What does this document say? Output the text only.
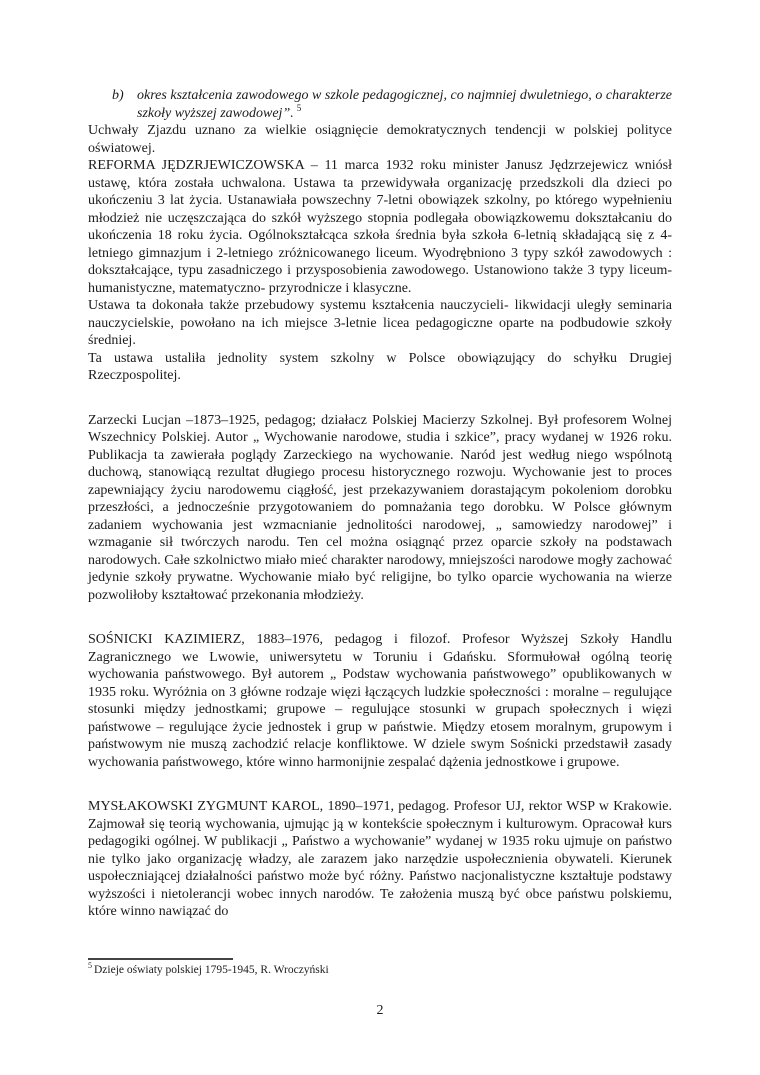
b) okres kształcenia zawodowego w szkole pedagogicznej, co najmniej dwuletniego, o charakterze szkoły wyższej zawodowej”. $^5$

Uchwały Zjazdu uznano za wielkie osiągnięcie demokratycznych tendencji w polskiej polityce oświatowej.

REFORMA JĘDZRJEWICZOWSKA – 11 marca 1932 roku minister Janusz Jędzrzejewicz wniósł ustawę, która została uchwalona. Ustawa ta przewidywała organizację przedszkoli dla dzieci po ukończeniu 3 lat życia. Ustanawiała powszechny 7-letni obowiązek szkolny, po którego wypełnieniu młodzież nie uczęszczająca do szkół wyższego stopnia podlegała obowiązkowemu dokształcaniu do ukończenia 18 roku życia. Ogólnokształcąca szkoła średnia była szkoła 6-letnią składającą się z 4-letniego gimnazjum i 2-letniego zróżnicowanego liceum. Wyodrębniono 3 typy szkół zawodowych : dokształcające, typu zasadniczego i przysposobienia zawodowego. Ustanowiono także 3 typy liceum- humanistyczne, matematyczno- przyrodnicze i klasyczne.

Ustawa ta dokonała także przebudowy systemu kształcenia nauczycieli- likwidacji uległy seminaria nauczycielskie, powołano na ich miejsce 3-letnie licea pedagogiczne oparte na podbudowie szkoły średniej.

Ta ustawa ustaliła jednolity system szkolny w Polsce obowiązujący do schyłku Drugiej Rzeczpospolitej.

Zarzecki Lucjan –1873–1925, pedagog; działacz Polskiej Macierzy Szkolnej. Był profesorem Wolnej Wszechnicy Polskiej. Autor „ Wychowanie narodowe, studia i szkice”, pracy wydanej w 1926 roku. Publikacja ta zawierała poglądy Zarzeckiego na wychowanie. Naród jest według niego wspólnotą duchową, stanowiącą rezultat długiego procesu historycznego rozwoju. Wychowanie jest to proces zapewniający życiu narodowemu ciągłość, jest przekazywaniem dorastającym pokoleniom dorobku przeszłości, a jednocześnie przygotowaniem do pomnażania tego dorobku. W Polsce głównym zadaniem wychowania jest wzmacnianie jednolitości narodowej, „ samowiedzy narodowej” i wzmaganie sił twórczych narodu. Ten cel można osiągnąć przez oparcie szkoły na podstawach narodowych. Całe szkolnictwo miało mieć charakter narodowy, mniejszości narodowe mogły zachować jedynie szkoły prywatne. Wychowanie miało być religijne, bo tylko oparcie wychowania na wierze pozwoliłoby kształtować przekonania młodzieży.

SOŚNICKI KAZIMIERZ, 1883–1976, pedagog i filozof. Profesor Wyższej Szkoły Handlu Zagranicznego we Lwowie, uniwersytetu w Toruniu i Gdańsku. Sformułował ogólną teorię wychowania państwowego. Był autorem „ Podstaw wychowania państwowego” opublikowanych w 1935 roku. Wyróżnia on 3 główne rodzaje więzi łączących ludzkie społeczności : moralne – regulujące stosunki między jednostkami; grupowe – regulujące stosunki w grupach społecznych i więzi państwowe – regulujące życie jednostek i grup w państwie. Między etosem moralnym, grupowym i państwowym nie muszą zachodzić relacje konfliktowe. W dziele swym Sośnicki przedstawił zasady wychowania państwowego, które winno harmonijnie zespalać dążenia jednostkowe i grupowe.

MYSŁAKOWSKI ZYGMUNT KAROL, 1890–1971, pedagog. Profesor UJ, rektor WSP w Krakowie. Zajmował się teorią wychowania, ujmując ją w kontekście społecznym i kulturowym. Opracował kurs pedagogiki ogólnej. W publikacji „ Państwo a wychowanie” wydanej w 1935 roku ujmuje on państwo nie tylko jako organizację władzy, ale zarazem jako narzędzie uspołecznienia obywateli. Kierunek uspołeczniającej działalności państwo może być różny. Państwo nacjonalistyczne kształtuje podstawy wyższości i nietolerancji wobec innych narodów. Te założenia muszą być obce państwu polskiemu, które winno nawiązać do

$^5$ Dzieje oświaty polskiej 1795-1945, R. Wroczyński
2
